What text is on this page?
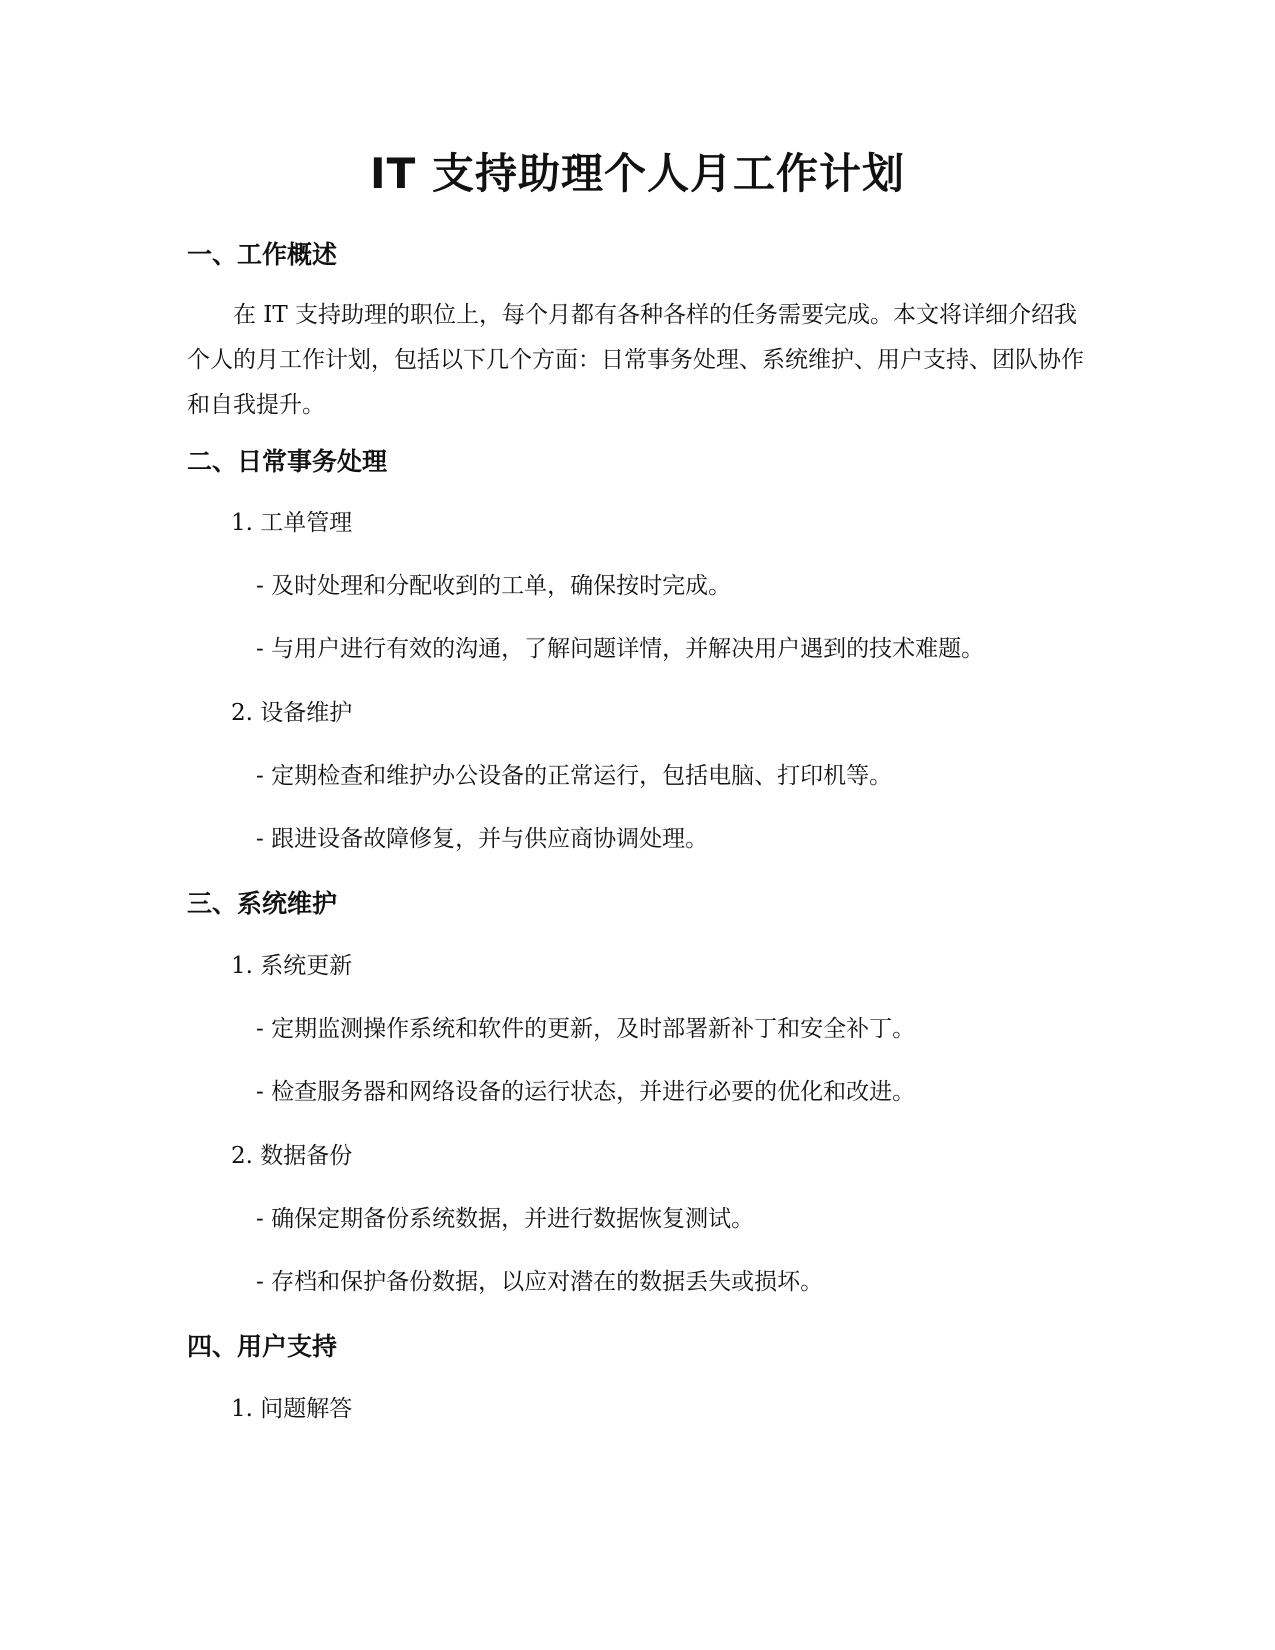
IT 支持助理个人月工作计划
一、工作概述

在 IT 支持助理的职位上，每个月都有各种各样的任务需要完成。本文将详细介绍我个人的月工作计划，包括以下几个方面：日常事务处理、系统维护、用户支持、团队协作和自我提升。

二、日常事务处理
1. 工单管理
- 及时处理和分配收到的工单，确保按时完成。
- 与用户进行有效的沟通，了解问题详情，并解决用户遇到的技术难题。
2. 设备维护
- 定期检查和维护办公设备的正常运行，包括电脑、打印机等。
- 跟进设备故障修复，并与供应商协调处理。
三、系统维护
1. 系统更新
- 定期监测操作系统和软件的更新，及时部署新补丁和安全补丁。
- 检查服务器和网络设备的运行状态，并进行必要的优化和改进。
2. 数据备份
- 确保定期备份系统数据，并进行数据恢复测试。
- 存档和保护备份数据，以应对潜在的数据丢失或损坏。
四、用户支持
1. 问题解答
